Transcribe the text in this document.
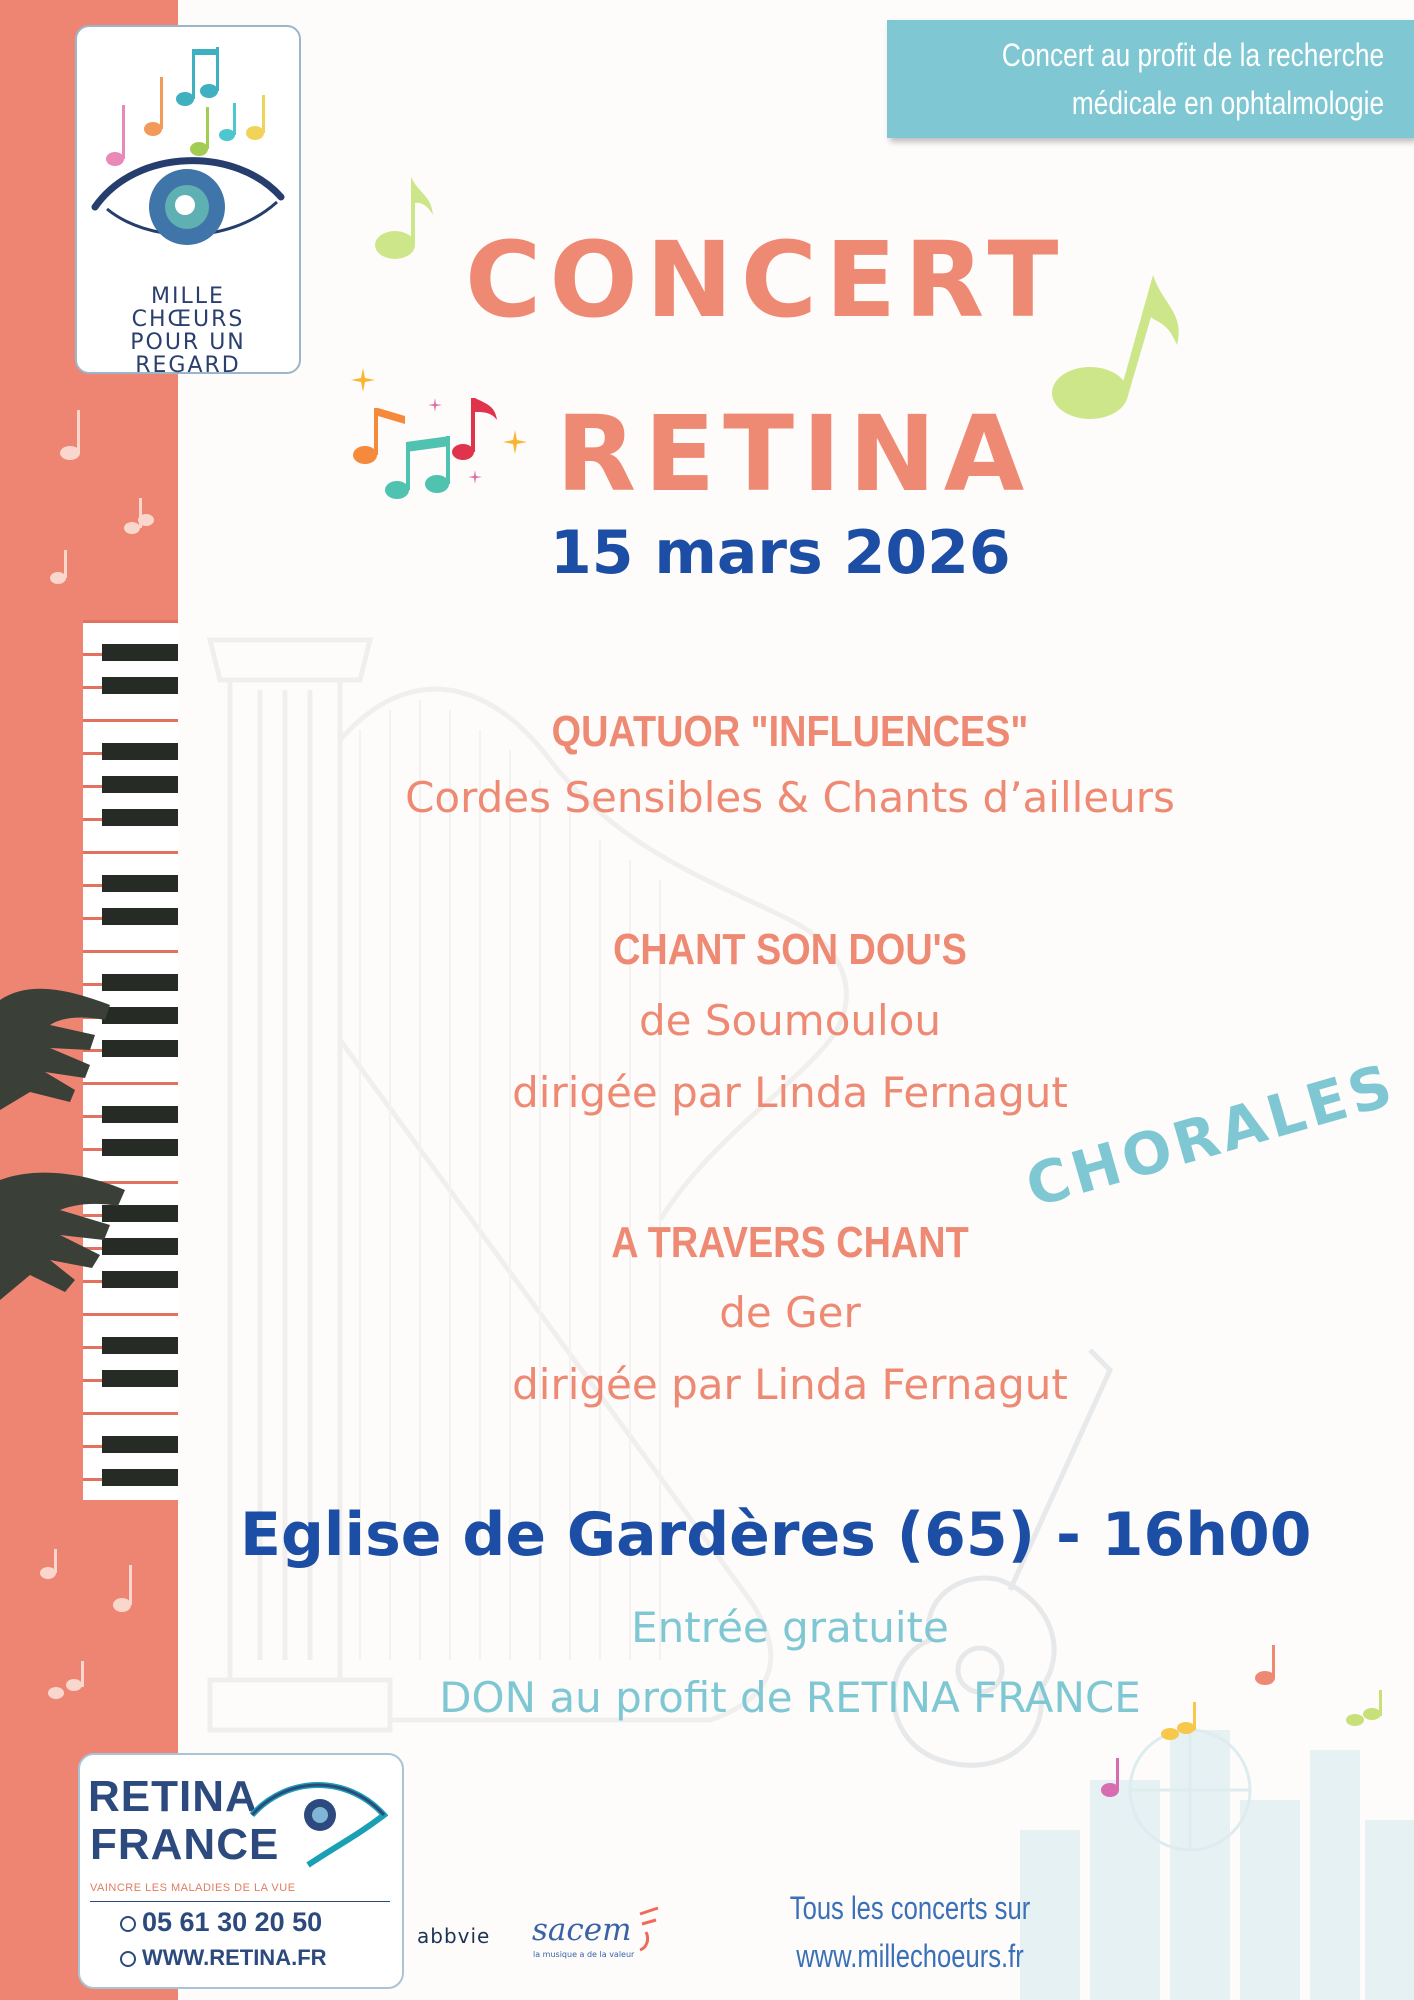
MILLE
CHŒURS
POUR UN
REGARD
Concert au profit de la recherche
médicale en ophtalmologie
CONCERT
RETINA
15 mars 2026
QUATUOR "INFLUENCES"
Cordes Sensibles & Chants d’ailleurs
CHANT SON DOU'S
de Soumoulou
dirigée par Linda Fernagut
A TRAVERS CHANT
de Ger
dirigée par Linda Fernagut
CHORALES
Eglise de Gardères (65) - 16h00
Entrée gratuite
DON au profit de RETINA FRANCE
RETINA
FRANCE
VAINCRE LES MALADIES DE LA VUE
05 61 30 20 50
WWW.RETINA.FR
abbvie sacem
la musique a de la valeur
Tous les concerts sur
www.millechoeurs.fr
